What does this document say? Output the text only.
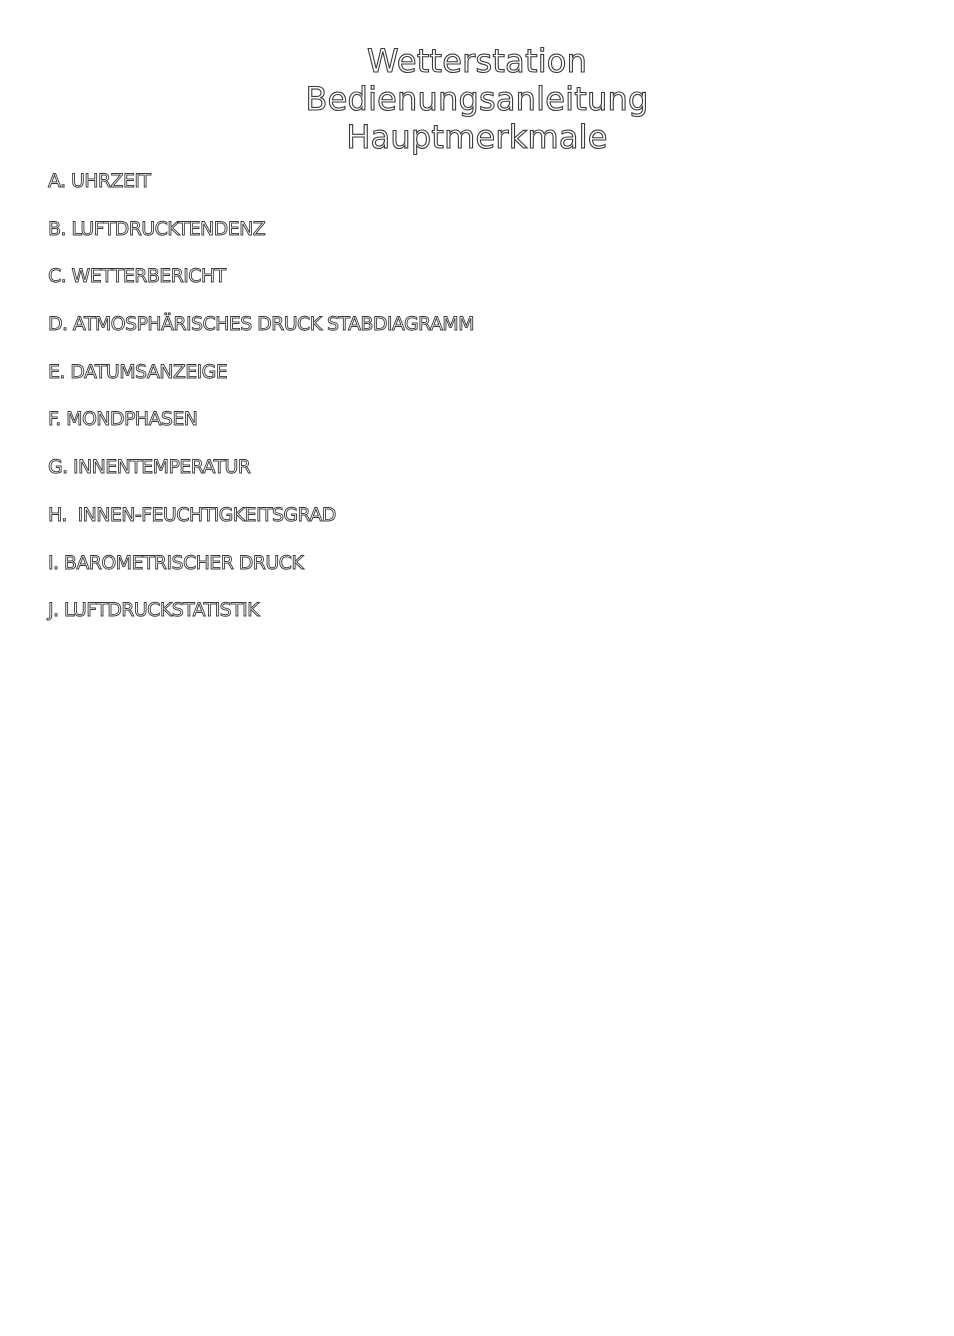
Wetterstation
Bedienungsanleitung
Hauptmerkmale
A. UHRZEIT
B. LUFTDRUCKTENDENZ
C. WETTERBERICHT
D. ATMOSPHÄRISCHES DRUCK STABDIAGRAMM
E. DATUMSANZEIGE
F. MONDPHASEN
G. INNENTEMPERATUR
H.  INNEN-FEUCHTIGKEITSGRAD
I. BAROMETRISCHER DRUCK
J. LUFTDRUCKSTATISTIK
